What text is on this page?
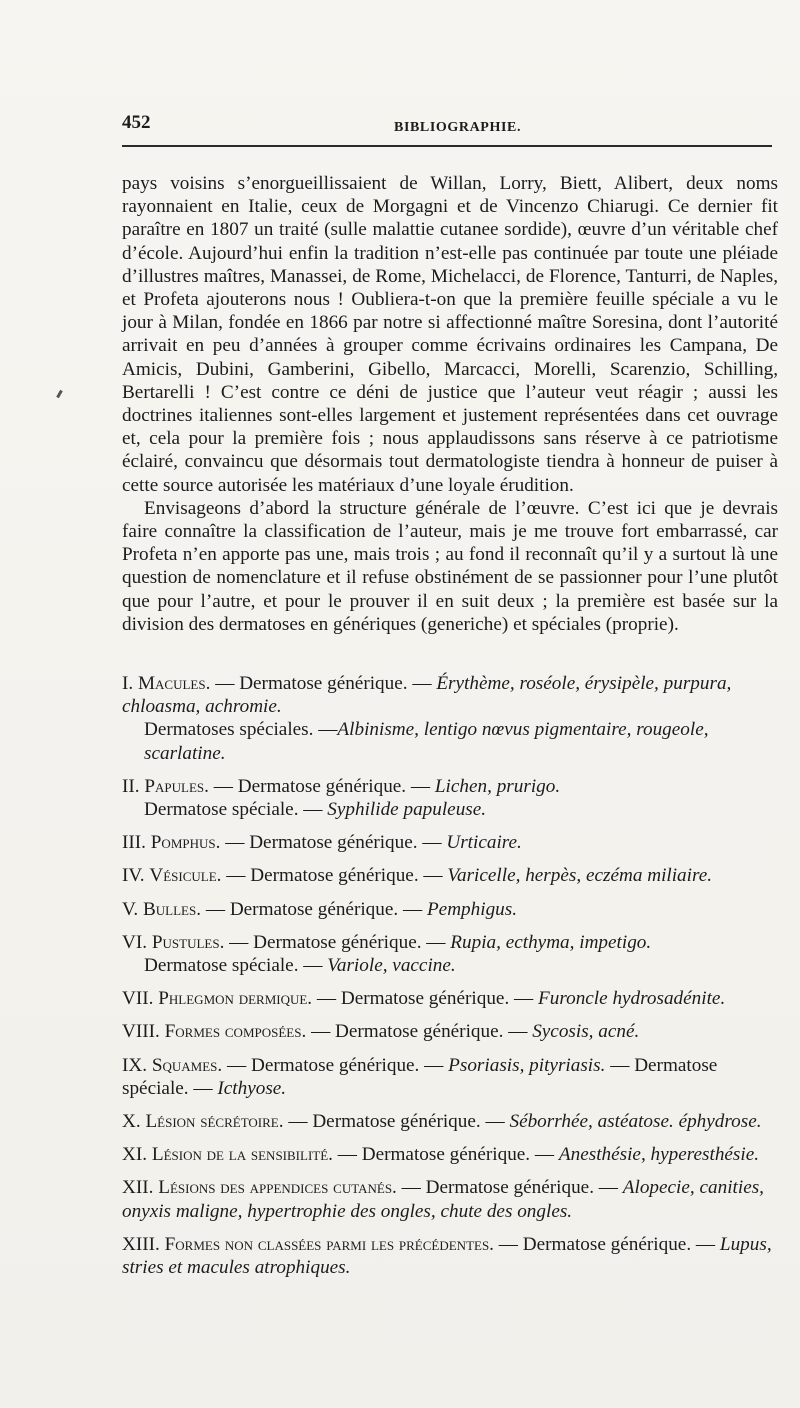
452	BIBLIOGRAPHIE.

pays voisins s’enorgueillissaient de Willan, Lorry, Biett, Alibert, deux noms rayonnaient en Italie, ceux de Morgagni et de Vincenzo Chiarugi. Ce dernier fit paraître en 1807 un traité (sulle malattie cutanee sordide), œuvre d’un véritable chef d’école. Aujourd’hui enfin la tradition n’est-elle pas continuée par toute une pléiade d’illustres maîtres, Manassei, de Rome, Michelacci, de Florence, Tanturri, de Naples, et Profeta ajouterons nous ! Oubliera-t-on que la première feuille spéciale a vu le jour à Milan, fondée en 1866 par notre si affectionné maître Soresina, dont l’autorité arrivait en peu d’années à grouper comme écrivains ordinaires les Campana, De Amicis, Dubini, Gamberini, Gibello, Marcacci, Morelli, Scarenzio, Schilling, Bertarelli ! C’est contre ce déni de justice que l’auteur veut réagir ; aussi les doctrines italiennes sont-elles largement et justement représentées dans cet ouvrage et, cela pour la première fois ; nous applaudissons sans réserve à ce patriotisme éclairé, convaincu que désormais tout dermatologiste tiendra à honneur de puiser à cette source autorisée les matériaux d’une loyale érudition.

Envisageons d’abord la structure générale de l’œuvre. C’est ici que je devrais faire connaître la classification de l’auteur, mais je me trouve fort embarrassé, car Profeta n’en apporte pas une, mais trois ; au fond il reconnaît qu’il y a surtout là une question de nomenclature et il refuse obstinément de se passionner pour l’une plutôt que pour l’autre, et pour le prouver il en suit deux ; la première est basée sur la division des dermatoses en génériques (generiche) et spéciales (proprie).

I. Macules. — Dermatose générique. — Érythème, roséole, érysipèle, purpura, chloasma, achromie.
Dermatoses spéciales. —Albinisme, lentigo nœvus pigmentaire, rougeole, scarlatine.
II. Papules. — Dermatose générique. — Lichen, prurigo.
Dermatose spéciale. — Syphilide papuleuse.
III. Pomphus. — Dermatose générique. — Urticaire.
IV. Vésicule. — Dermatose générique. — Varicelle, herpès, eczéma miliaire.
V. Bulles. — Dermatose générique. — Pemphigus.
VI. Pustules. — Dermatose générique. — Rupia, ecthyma, impetigo.
Dermatose spéciale. — Variole, vaccine.
VII. Phlegmon dermique. — Dermatose générique. — Furoncle hydrosadénite.
VIII. Formes composées. — Dermatose générique. — Sycosis, acné.
IX. Squames. — Dermatose générique. — Psoriasis, pityriasis. — Dermatose spéciale. — Icthyose.
X. Lésion sécrétoire. — Dermatose générique. — Séborrhée, astéatose. éphydrose.
XI. Lésion de la sensibilité. — Dermatose générique. — Anesthésie, hyperesthésie.
XII. Lésions des appendices cutanés. — Dermatose générique. — Alopecie, canities, onyxis maligne, hypertrophie des ongles, chute des ongles.
XIII. Formes non classées parmi les précédentes. — Dermatose générique. — Lupus, stries et macules atrophiques.
